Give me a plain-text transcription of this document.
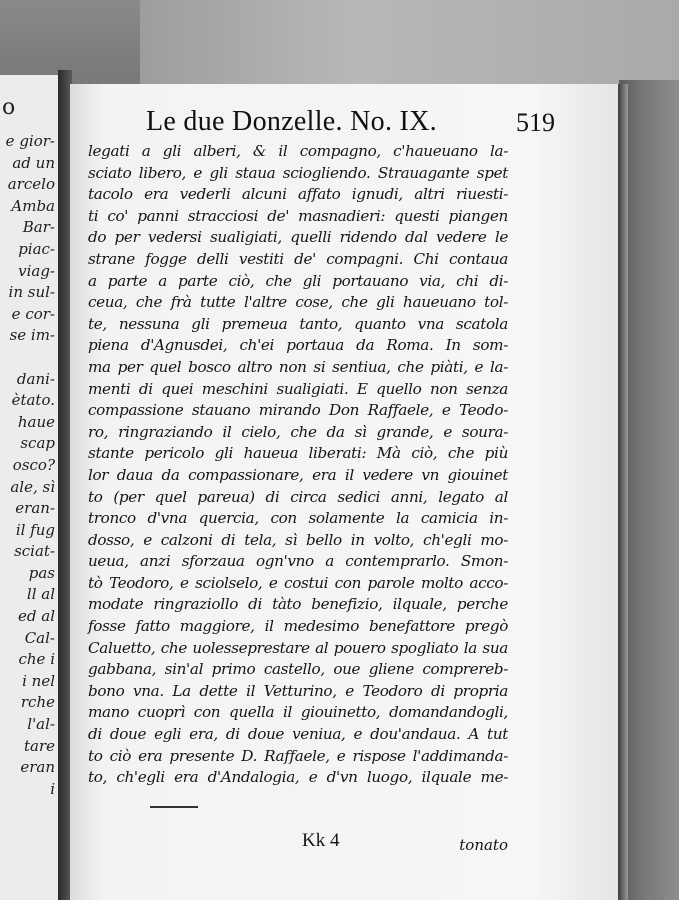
o
e gior-
ad un
arcelo
Amba
Bar-
piac-
viag-
in sul-
e cor-
se im-
dani-
ètato.
haue
scap
osco?
ale, sì
eran-
il fug
sciat-
pas
ll al
ed al
Cal-
che i
i nel
rche
l'al-
tare
eran
i
Le due Donzelle. No. IX.	519
legati a gli alberi, & il compagno, c'haueuano la-
sciato libero, e gli staua sciogliendo. Strauagante spet
tacolo era vederli alcuni affato ignudi, altri riuesti-
ti co' panni stracciosi de' masnadieri: questi piangen
do per vedersi sualigiati, quelli ridendo dal vedere le
strane fogge delli vestiti de' compagni. Chi contaua
a parte a parte ciò, che gli portauano via, chi di-
ceua, che frà tutte l'altre cose, che gli haueuano tol-
te, nessuna gli premeua tanto, quanto vna scatola
piena d'Agnusdei, ch'ei portaua da Roma. In som-
ma per quel bosco altro non si sentiua, che piàti, e la-
menti di quei meschini sualigiati. E quello non senza
compassione stauano mirando Don Raffaele, e Teodo-
ro, ringraziando il cielo, che da sì grande, e soura-
stante pericolo gli haueua liberati: Mà ciò, che più
lor daua da compassionare, era il vedere vn giouinet
to (per quel pareua) di circa sedici anni, legato al
tronco d'vna quercia, con solamente la camicia in-
dosso, e calzoni di tela, sì bello in volto, ch'egli mo-
ueua, anzi sforzaua ogn'vno a contemprarlo. Smon-
tò Teodoro, e sciolselo, e costui con parole molto acco-
modate ringraziollo di tàto benefizio, ilquale, perche
fosse fatto maggiore, il medesimo benefattore pregò
Caluetto, che uolesseprestare al pouero spogliato la sua
gabbana, sin'al primo castello, oue gliene comprereb-
bono vna. La dette il Vetturino, e Teodoro di propria
mano cuoprì con quella il giouinetto, domandandogli,
di doue egli era, di doue veniua, e dou'andaua. A tut
to ciò era presente D. Raffaele, e rispose l'addimanda-
to, ch'egli era d'Andalogia, e d'vn luogo, ilquale me-
Kk 4	tonato
